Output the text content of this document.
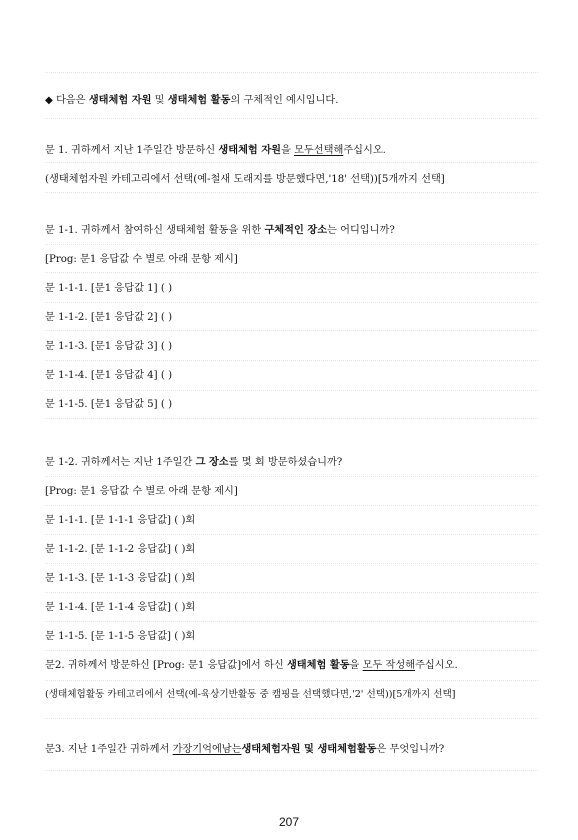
◆ 다음은 생태체험 자원 및 생태체험 활동의 구체적인 예시입니다.
문 1. 귀하께서 지난 1주일간 방문하신 생태체험 자원을 모두선택해주십시오.
(생태체험자원 카테고리에서 선택(예-철새 도래지를 방문했다면,'18' 선택))[5개까지 선택]
문 1-1. 귀하께서 참여하신 생태체험 활동을 위한 구체적인 장소는 어디입니까?
[Prog: 문1 응답값 수 별로 아래 문항 제시]
문 1-1-1. [문1 응답값 1] ( )
문 1-1-2. [문1 응답값 2] ( )
문 1-1-3. [문1 응답값 3] ( )
문 1-1-4. [문1 응답값 4] ( )
문 1-1-5. [문1 응답값 5] ( )
문 1-2. 귀하께서는 지난 1주일간 그 장소를 몇 회 방문하셨습니까?
[Prog: 문1 응답값 수 별로 아래 문항 제시]
문 1-1-1. [문 1-1-1 응답값] ( )회
문 1-1-2. [문 1-1-2 응답값] ( )회
문 1-1-3. [문 1-1-3 응답값] ( )회
문 1-1-4. [문 1-1-4 응답값] ( )회
문 1-1-5. [문 1-1-5 응답값] ( )회
문2. 귀하께서 방문하신 [Prog: 문1 응답값]에서 하신 생태체험 활동을 모두 작성해주십시오.
(생태체험활동 카테고리에서 선택(예-육상기반활동 중 캠핑을 선택했다면,'2' 선택))[5개까지 선택]
문3. 지난 1주일간 귀하께서 가장기억에남는생태체험자원 및 생태체험활동은 무엇입니까?
207
